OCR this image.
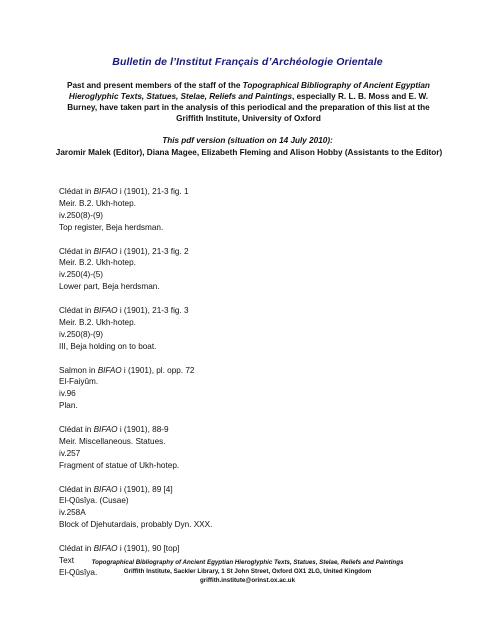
Bulletin de l’Institut Français d’Archéologie Orientale
Past and present members of the staff of the Topographical Bibliography of Ancient Egyptian Hieroglyphic Texts, Statues, Stelae, Reliefs and Paintings, especially R. L. B. Moss and E. W. Burney, have taken part in the analysis of this periodical and the preparation of this list at the Griffith Institute, University of Oxford
This pdf version (situation on 14 July 2010):
Jaromir Malek (Editor), Diana Magee, Elizabeth Fleming and Alison Hobby (Assistants to the Editor)
Clédat in BIFAO i (1901), 21-3 fig. 1
Meir. B.2. Ukh-hotep.
iv.250(8)-(9)
Top register, Beja herdsman.
Clédat in BIFAO i (1901), 21-3 fig. 2
Meir. B.2. Ukh-hotep.
iv.250(4)-(5)
Lower part, Beja herdsman.
Clédat in BIFAO i (1901), 21-3 fig. 3
Meir. B.2. Ukh-hotep.
iv.250(8)-(9)
III, Beja holding on to boat.
Salmon in BIFAO i (1901), pl. opp. 72
El-Faiyûm.
iv.96
Plan.
Clédat in BIFAO i (1901), 88-9
Meir. Miscellaneous. Statues.
iv.257
Fragment of statue of Ukh-hotep.
Clédat in BIFAO i (1901), 89 [4]
El-Qûsîya. (Cusae)
iv.258A
Block of Djehutardais, probably Dyn. XXX.
Clédat in BIFAO i (1901), 90 [top]
Text
El-Qûsîya.
Topographical Bibliography of Ancient Egyptian Hieroglyphic Texts, Statues, Stelae, Reliefs and Paintings
Griffith Institute, Sackler Library, 1 St John Street, Oxford OX1 2LG, United Kingdom
griffith.institute@orinst.ox.ac.uk
